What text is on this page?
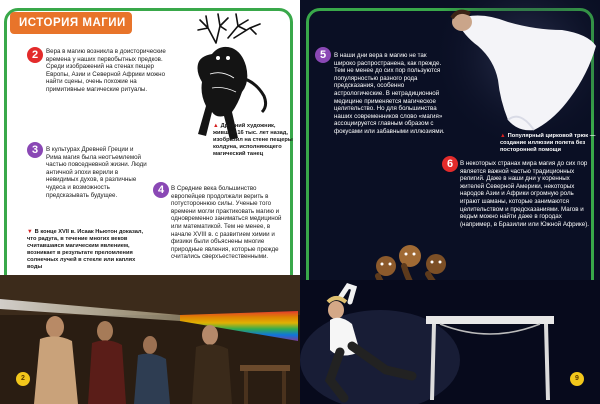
ИСТОРИЯ МАГИИ
▲ Древний художник, живший 16 тыс. лет назад, изобразил на стене пещеры колдуна, исполняющего магический танец
2	Вера в магию возникла в доисторические времена у наших первобытных предков. Среди изображений на стенах пещер Европы, Азии и Северной Африки можно найти сцены, очень похожие на примитивные магические ритуалы.
3	В культурах Древней Греции и Рима магия была неотъемлемой частью повседневной жизни. Люди античной эпохи верили в невидимых духов, в различные чудеса и возможность предсказывать будущее.	4	В Средние века большинство европейцев продолжали верить в потустороннюю силы. Ученые того времени могли практиковать магию и одновременно заниматься медициной или математикой. Тем не менее, в начале XVIII в. с развитием химии и физики были объяснены многие природные явления, которые прежде считались сверхъестественными.
▼ В конце XVII в. Исаак Ньютон доказал, что радуга, в течение многих веков считавшаяся магическим явлением, возникает в результате преломления солнечных лучей в стекле или каплях воды
2
▲ Популярный цирковой трюк — создание иллюзии полета без посторонней помощи
5	В наши дни вера в магию не так широко распространена, как прежде. Тем не менее до сих пор пользуются популярностью разного рода предсказания, особенно астрологические. В нетрадиционной медицине применяется магическое целительство. Но для большинства наших современников слово «магия» ассоциируется главным образом с фокусами или забавными иллюзиями.
6	В некоторых странах мира магия до сих пор является важной частью традиционных религий. Даже в наши дни у коренных жителей Северной Америки, некоторых народов Азии и Африки огромную роль играют шаманы, которые занимаются целительством и предсказаниями. Магов и ведьм можно найти даже в городах (например, в Бразилии или Южной Африке).
9
